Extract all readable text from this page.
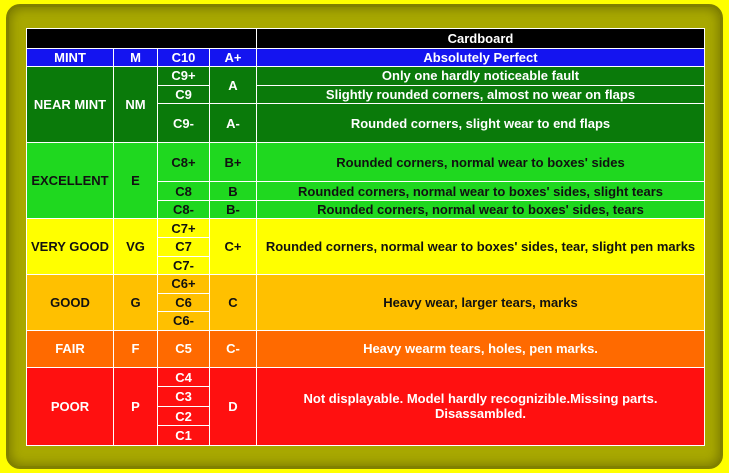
				Cardboard
MINT	M	C10	A+	Absolutely Perfect
NEAR MINT	NM	C9+	A	Only one hardly noticeable fault
		C9		Slightly rounded corners, almost no wear on flaps
		C9-	A-	Rounded corners, slight wear to end flaps
EXCELLENT	E	C8+	B+	Rounded corners, normal wear to boxes' sides
		C8	B	Rounded corners, normal wear to boxes' sides, slight tears
		C8-	B-	Rounded corners, normal wear to boxes' sides, tears
VERY GOOD	VG	C7+	C+	Rounded corners, normal wear to boxes' sides, tear, slight pen marks
		C7		
		C7-		
GOOD	G	C6+	C	Heavy wear, larger tears, marks
		C6		
		C6-		
FAIR	F	C5	C-	Heavy wearm tears, holes, pen marks.
POOR	P	C4	D	Not displayable. Model hardly recognizible.Missing parts. Disassambled.
		C3		
		C2		
		C1		
